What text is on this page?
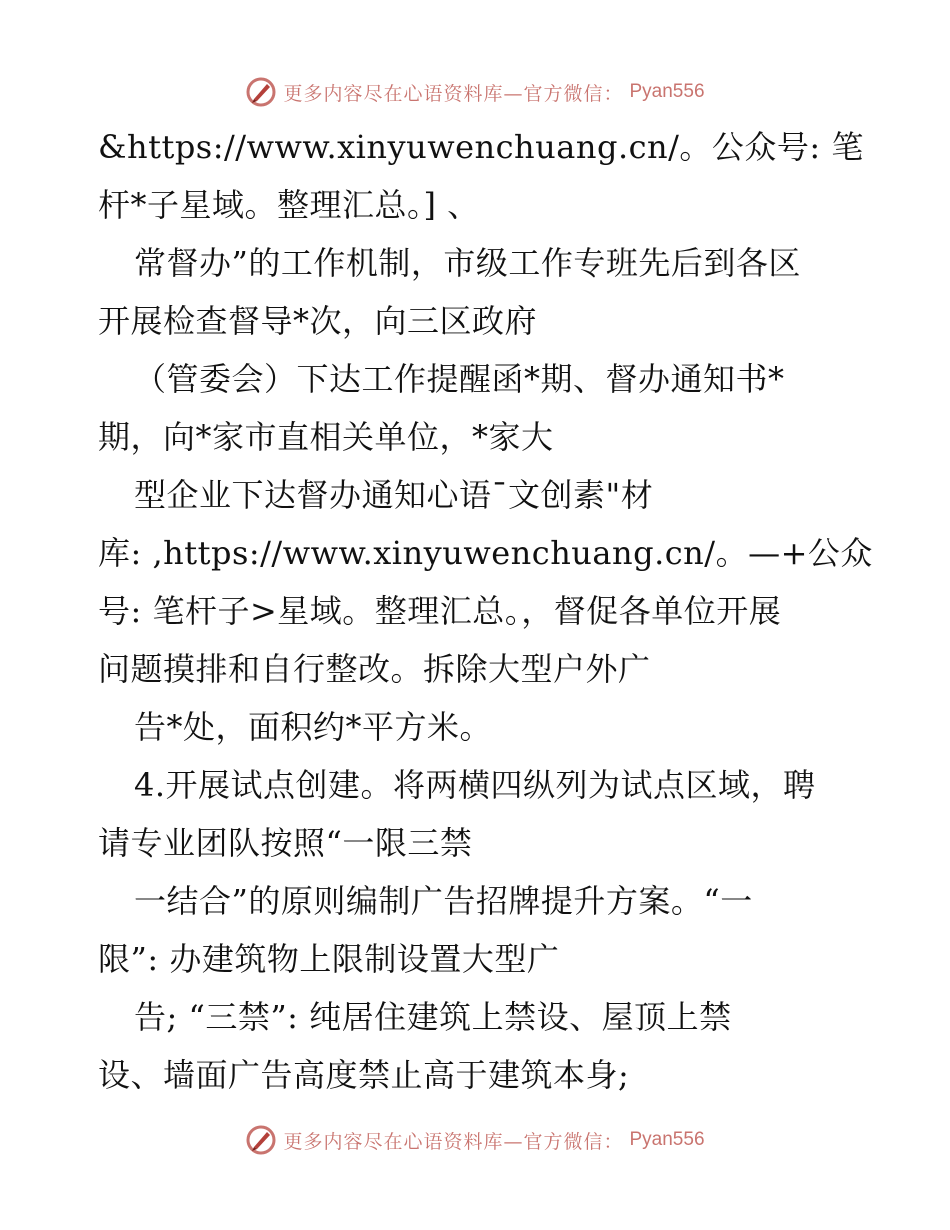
更多内容尽在心语资料库—官方微信： Pyan556
&https://www.xinyuwenchuang.cn/。公众号: 笔
杆*子星域。整理汇总。] 、
常督办”的工作机制，市级工作专班先后到各区
开展检查督导*次，向三区政府
（管委会）下达工作提醒函*期、督办通知书*
期，向*家市直相关单位，*家大
型企业下达督办通知心语¯文创素"材
库: ,https://www.xinyuwenchuang.cn/。—+公众
号: 笔杆子>星域。整理汇总。，督促各单位开展
问题摸排和自行整改。拆除大型户外广
告*处，面积约*平方米。
4.开展试点创建。将两横四纵列为试点区域，聘
请专业团队按照“一限三禁
一结合”的原则编制广告招牌提升方案。“一
限”: 办建筑物上限制设置大型广
告; “三禁”: 纯居住建筑上禁设、屋顶上禁
设、墙面广告高度禁止高于建筑本身;
更多内容尽在心语资料库—官方微信： Pyan556
